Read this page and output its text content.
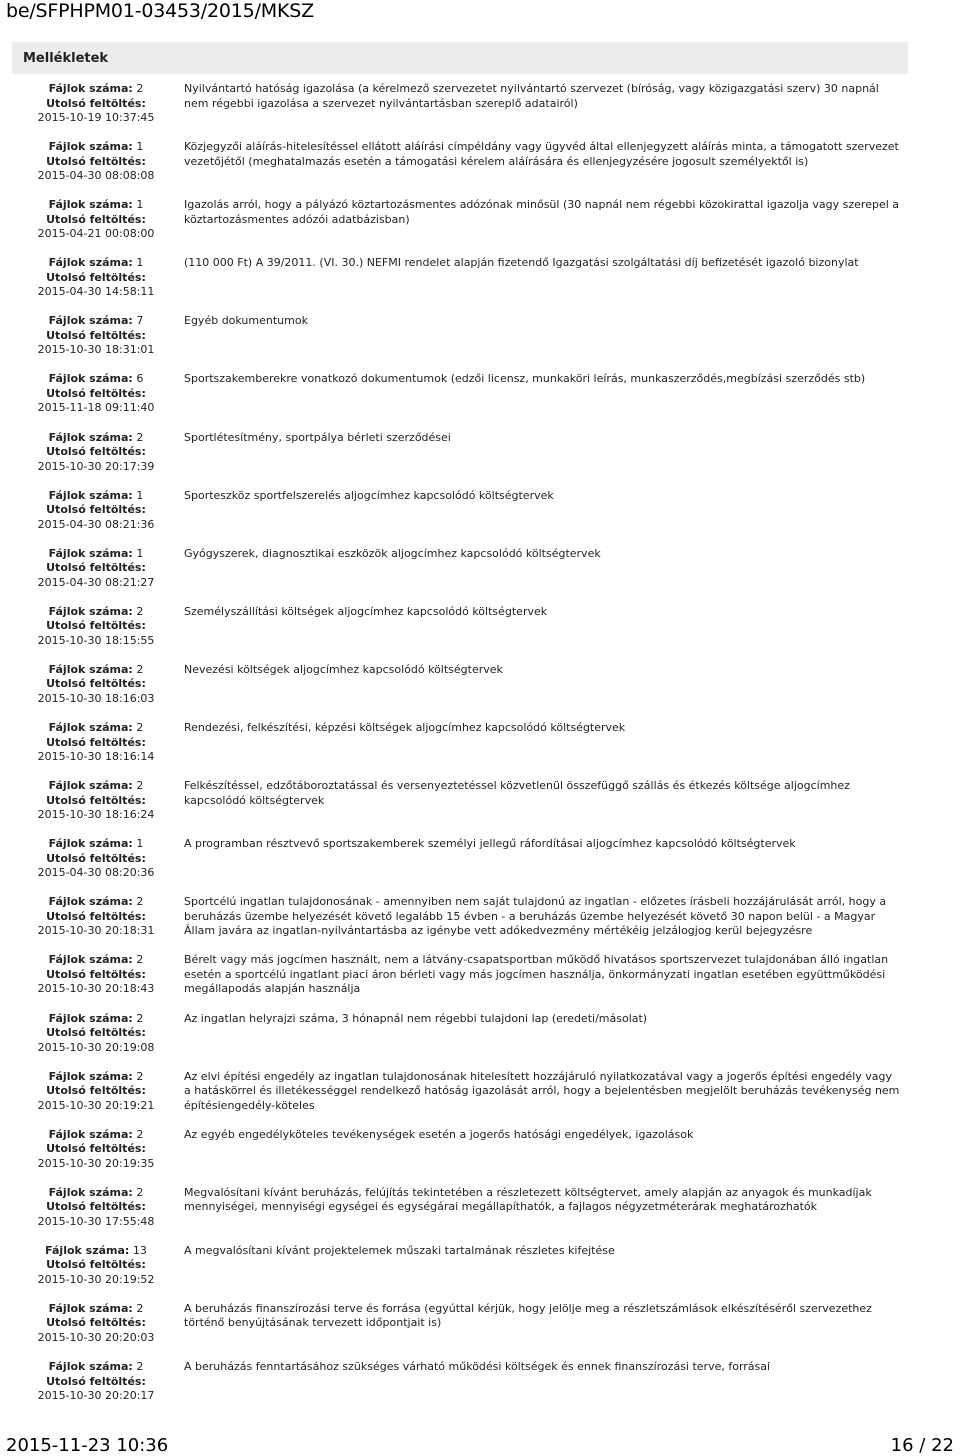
be/SFPHPM01-03453/2015/MKSZ
Mellékletek
Fájlok száma: 2
Utolsó feltöltés:
2015-10-19 10:37:45
Fájlok száma: 1
Utolsó feltöltés:
2015-04-30 08:08:08
Fájlok száma: 1
Utolsó feltöltés:
2015-04-21 00:08:00
Fájlok száma: 1
Utolsó feltöltés:
2015-04-30 14:58:11
Fájlok száma: 7
Utolsó feltöltés:
2015-10-30 18:31:01
Fájlok száma: 6
Utolsó feltöltés:
2015-11-18 09:11:40
Fájlok száma: 2
Utolsó feltöltés:
2015-10-30 20:17:39
Fájlok száma: 1
Utolsó feltöltés:
2015-04-30 08:21:36
Fájlok száma: 1
Utolsó feltöltés:
2015-04-30 08:21:27
Fájlok száma: 2
Utolsó feltöltés:
2015-10-30 18:15:55
Fájlok száma: 2
Utolsó feltöltés:
2015-10-30 18:16:03
Fájlok száma: 2
Utolsó feltöltés:
2015-10-30 18:16:14
Fájlok száma: 2
Utolsó feltöltés:
2015-10-30 18:16:24
Fájlok száma: 1
Utolsó feltöltés:
2015-04-30 08:20:36
Fájlok száma: 2
Utolsó feltöltés:
2015-10-30 20:18:31
Fájlok száma: 2
Utolsó feltöltés:
2015-10-30 20:18:43
Fájlok száma: 2
Utolsó feltöltés:
2015-10-30 20:19:08
Fájlok száma: 2
Utolsó feltöltés:
2015-10-30 20:19:21
Fájlok száma: 2
Utolsó feltöltés:
2015-10-30 20:19:35
Fájlok száma: 2
Utolsó feltöltés:
2015-10-30 17:55:48
Fájlok száma: 13
Utolsó feltöltés:
2015-10-30 20:19:52
Fájlok száma: 2
Utolsó feltöltés:
2015-10-30 20:20:03
Fájlok száma: 2
Utolsó feltöltés:
2015-10-30 20:20:17
Nyilvántartó hatóság igazolása (a kérelmező szervezetet nyilvántartó szervezet (bíróság, vagy közigazgatási szerv) 30 napnál nem régebbi igazolása a szervezet nyilvántartásban szereplő adatairól)
Közjegyzői aláírás-hitelesítéssel ellátott aláírási címpéldány vagy ügyvéd által ellenjegyzett aláírás minta, a támogatott szervezet vezetőjétől (meghatalmazás esetén a támogatási kérelem aláírására és ellenjegyzésére jogosult személyektől is)
Igazolás arról, hogy a pályázó köztartozásmentes adózónak minősül (30 napnál nem régebbi közokirattal igazolja vagy szerepel a köztartozásmentes adózói adatbázisban)
(110 000 Ft) A 39/2011. (VI. 30.) NEFMI rendelet alapján fizetendő Igazgatási szolgáltatási díj befizetését igazoló bizonylat
Egyéb dokumentumok
Sportszakemberekre vonatkozó dokumentumok (edzői licensz, munkaköri leírás, munkaszerződés,megbízási szerződés stb)
Sportlétesítmény, sportpálya bérleti szerződései
Sporteszköz sportfelszerelés aljogcímhez kapcsolódó költségtervek
Gyógyszerek, diagnosztikai eszközök aljogcímhez kapcsolódó költségtervek
Személyszállítási költségek aljogcímhez kapcsolódó költségtervek
Nevezési költségek aljogcímhez kapcsolódó költségtervek
Rendezési, felkészítési, képzési költségek aljogcímhez kapcsolódó költségtervek
Felkészítéssel, edzőtáboroztatással és versenyeztetéssel közvetlenül összefüggő szállás és étkezés költsége aljogcímhez kapcsolódó költségtervek
A programban résztvevő sportszakemberek személyi jellegű ráfordításai aljogcímhez kapcsolódó költségtervek
Sportcélú ingatlan tulajdonosának - amennyiben nem saját tulajdonú az ingatlan - előzetes írásbeli hozzájárulását arról, hogy a beruházás üzembe helyezését követő legalább 15 évben - a beruházás üzembe helyezését követő 30 napon belül - a Magyar Állam javára az ingatlan-nyilvántartásba az igénybe vett adókedvezmény mértékéig jelzálogjog kerül bejegyzésre
Bérelt vagy más jogcímen használt, nem a látvány-csapatsportban működő hivatásos sportszervezet tulajdonában álló ingatlan esetén a sportcélú ingatlant piaci áron bérleti vagy más jogcímen használja, önkormányzati ingatlan esetében együttműködési megállapodás alapján használja
Az ingatlan helyrajzi száma, 3 hónapnál nem régebbi tulajdoni lap (eredeti/másolat)
Az elvi építési engedély az ingatlan tulajdonosának hitelesített hozzájáruló nyilatkozatával vagy a jogerős építési engedély vagy a hatáskörrel és illetékességgel rendelkező hatóság igazolását arról, hogy a bejelentésben megjelölt beruházás tevékenység nem építésiengedély-köteles
Az egyéb engedélyköteles tevékenységek esetén a jogerős hatósági engedélyek, igazolások
Megvalósítani kívánt beruházás, felújítás tekintetében a részletezett költségtervet, amely alapján az anyagok és munkadíjak mennyiségei, mennyiségi egységei és egységárai megállapíthatók, a fajlagos négyzetméterárak meghatározhatók
A megvalósítani kívánt projektelemek műszaki tartalmának részletes kifejtése
A beruházás finanszírozási terve és forrása (egyúttal kérjük, hogy jelölje meg a részletszámlások elkészítéséről szervezethez történő benyújtásának tervezett időpontjait is)
A beruházás fenntartásához szükséges várható működési költségek és ennek finanszírozási terve, forrásai
2015-11-23 10:36	16 / 22
